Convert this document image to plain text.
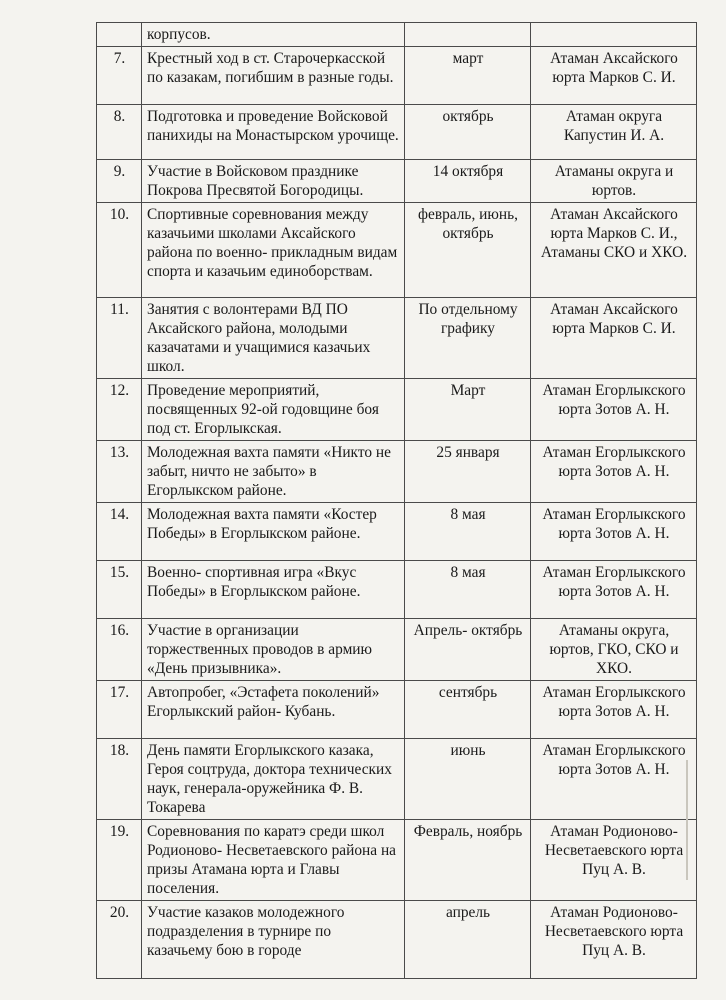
	корпусов.		
7.	Крестный ход в ст. Старочеркасской по казакам, погибшим в разные годы.	март	Атаман Аксайского юрта Марков С. И.
8.	Подготовка и проведение Войсковой панихиды на Монастырском урочище.	октябрь	Атаман округа Капустин И. А.
9.	Участие в Войсковом празднике Покрова Пресвятой Богородицы.	14 октября	Атаманы округа и юртов.
10.	Спортивные соревнования между казачьими школами Аксайского района по военно- прикладным видам спорта и казачьим единоборствам.	февраль, июнь, октябрь	Атаман Аксайского юрта Марков С. И., Атаманы СКО и ХКО.
11.	Занятия с волонтерами ВД ПО Аксайского района, молодыми казачатами и учащимися казачьих школ.	По отдельному графику	Атаман Аксайского юрта Марков С. И.
12.	Проведение мероприятий, посвященных 92-ой годовщине боя под ст. Егорлыкская.	Март	Атаман Егорлыкского юрта Зотов А. Н.
13.	Молодежная вахта памяти «Никто не забыт, ничто не забыто» в Егорлыкском районе.	25 января	Атаман Егорлыкского юрта Зотов А. Н.
14.	Молодежная вахта памяти «Костер Победы» в Егорлыкском районе.	8 мая	Атаман Егорлыкского юрта Зотов А. Н.
15.	Военно- спортивная игра «Вкус Победы» в Егорлыкском районе.	8 мая	Атаман Егорлыкского юрта Зотов А. Н.
16.	Участие в организации торжественных проводов в армию «День призывника».	Апрель- октябрь	Атаманы округа, юртов, ГКО, СКО и ХКО.
17.	Автопробег, «Эстафета поколений» Егорлыкский район- Кубань.	сентябрь	Атаман Егорлыкского юрта Зотов А. Н.
18.	День памяти Егорлыкского казака, Героя соцтруда, доктора технических наук, генерала-оружейника Ф. В. Токарева	июнь	Атаман Егорлыкского юрта Зотов А. Н.
19.	Соревнования по каратэ среди школ Родионово- Несветаевского района на призы Атамана юрта и Главы поселения.	Февраль, ноябрь	Атаман Родионово-Несветаевского юрта Пуц А. В.
20.	Участие казаков молодежного подразделения в турнире по казачьему бою в городе	апрель	Атаман Родионово-Несветаевского юрта Пуц А. В.
